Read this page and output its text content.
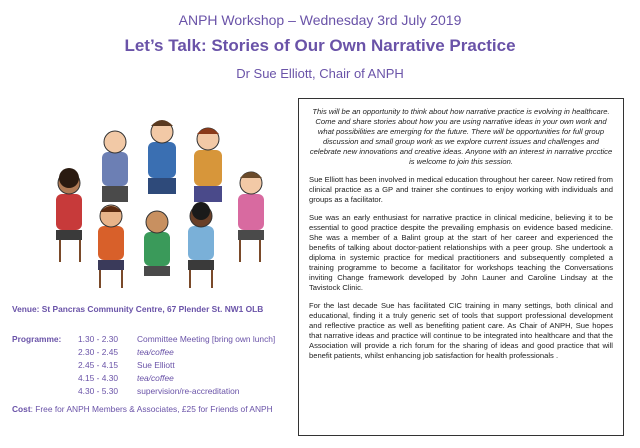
ANPH Workshop – Wednesday 3rd July 2019
Let’s Talk: Stories of Our Own Narrative Practice
Dr Sue Elliott, Chair of ANPH
Venue: St Pancras Community Centre, 67 Plender St. NW1 OLB
Programme: 1.30 - 2.30 Committee Meeting [bring own lunch]
2.30 - 2.45 tea/coffee
2.45 - 4.15 Sue Elliott
4.15 - 4.30 tea/coffee
4.30 - 5.30 supervision/re-accreditation
Cost: Free for ANPH Members & Associates, £25 for Friends of ANPH

This will be an opportunity to think about how narrative practice is evolving in healthcare. Come and share stories about how you are using narrative ideas in your own work and what possibilities are emerging for the future. There will be opportunities for full group discussion and small group work as we explore current issues and challenges and celebrate new innovations and creative ideas. Anyone with an interest in narrative prcctice is welcome to join this session.

Sue Elliott has been involved in medical education throughout her career. Now retired from clinical practice as a GP and trainer she continues to enjoy working with individuals and groups as a facilitator.

Sue was an early enthusiast for narrative practice in clinical medicine, believing it to be essential to good practice despite the prevailing emphasis on evidence based medicine. She was a member of a Balint group at the start of her career and experienced the benefits of talking about doctor-patient relationships with a peer group. She undertook a diploma in systemic practice for medical practitioners and subsequently completed a training programme to become a facilitator for workshops teaching the Conversations inviting Change framework developed by John Launer and Caroline Lindsay at the Tavistock Clinic.

For the last decade Sue has facilitated CIC training in many settings, both clinical and educational, finding it a truly generic set of tools that support professional development and reflective practice as well as benefiting patient care. As Chair of ANPH, Sue hopes that narrative ideas and practice will continue to be integrated into healthcare and that the Association will provide a rich forum for the sharing of ideas and good practice that will benefit patients, whilst enhancing job satisfaction for health professionals .
